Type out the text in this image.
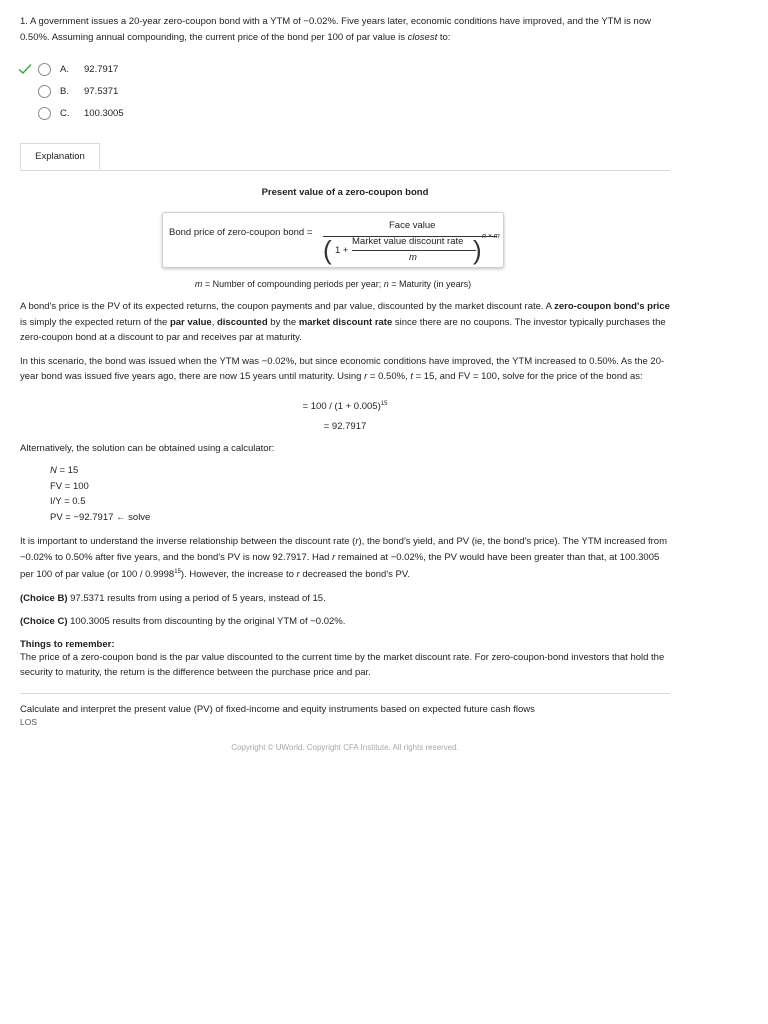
1. A government issues a 20-year zero-coupon bond with a YTM of −0.02%. Five years later, economic conditions have improved, and the YTM is now 0.50%. Assuming annual compounding, the current price of the bond per 100 of par value is closest to:

A. 92.7917
B. 97.5371
C. 100.3005
Explanation

Present value of a zero-coupon bond

Bond price of zero-coupon bond =
Face value
( 1 +
Market value discount rate
m ) n × m

m = Number of compounding periods per year; n = Maturity (in years)

A bond's price is the PV of its expected returns, the coupon payments and par value, discounted by the market discount rate. A zero-coupon bond's price is simply the expected return of the par value, discounted by the market discount rate since there are no coupons. The investor typically purchases the zero-coupon bond at a discount to par and receives par at maturity.

In this scenario, the bond was issued when the YTM was −0.02%, but since economic conditions have improved, the YTM increased to 0.50%. As the 20-year bond was issued five years ago, there are now 15 years until maturity. Using r = 0.50%, t = 15, and FV = 100, solve for the price of the bond as:

= $100 / (1 + 0.005)^{15}$

= 92.7917

Alternatively, the solution can be obtained using a calculator:

N = 15
FV = 100
I/Y = 0.5
PV = −92.7917 ← solve

It is important to understand the inverse relationship between the discount rate (r), the bond's yield, and PV (ie, the bond's price). The YTM increased from −0.02% to 0.50% after five years, and the bond's PV is now 92.7917. Had r remained at −0.02%, the PV would have been greater than that, at 100.3005 per 100 of par value (or 100 / 0.9998$^{15}$). However, the increase to r decreased the bond's PV.

(Choice B) 97.5371 results from using a period of 5 years, instead of 15.

(Choice C) 100.3005 results from discounting by the original YTM of −0.02%.

Things to remember:

The price of a zero-coupon bond is the par value discounted to the current time by the market discount rate. For zero-coupon-bond investors that hold the security to maturity, the return is the difference between the purchase price and par.

Calculate and interpret the present value (PV) of fixed-income and equity instruments based on expected future cash flows

LOS

Copyright © UWorld. Copyright CFA Institute. All rights reserved.
